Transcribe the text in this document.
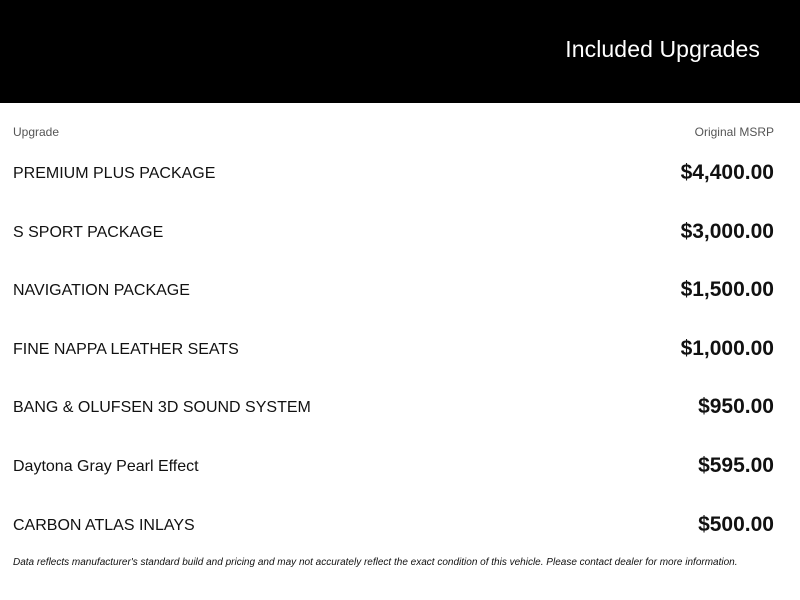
Included Upgrades
Upgrade	Original MSRP
PREMIUM PLUS PACKAGE	$4,400.00
S SPORT PACKAGE	$3,000.00
NAVIGATION PACKAGE	$1,500.00
FINE NAPPA LEATHER SEATS	$1,000.00
BANG & OLUFSEN 3D SOUND SYSTEM	$950.00
Daytona Gray Pearl Effect	$595.00
CARBON ATLAS INLAYS	$500.00
Data reflects manufacturer's standard build and pricing and may not accurately reflect the exact condition of this vehicle. Please contact dealer for more information.
